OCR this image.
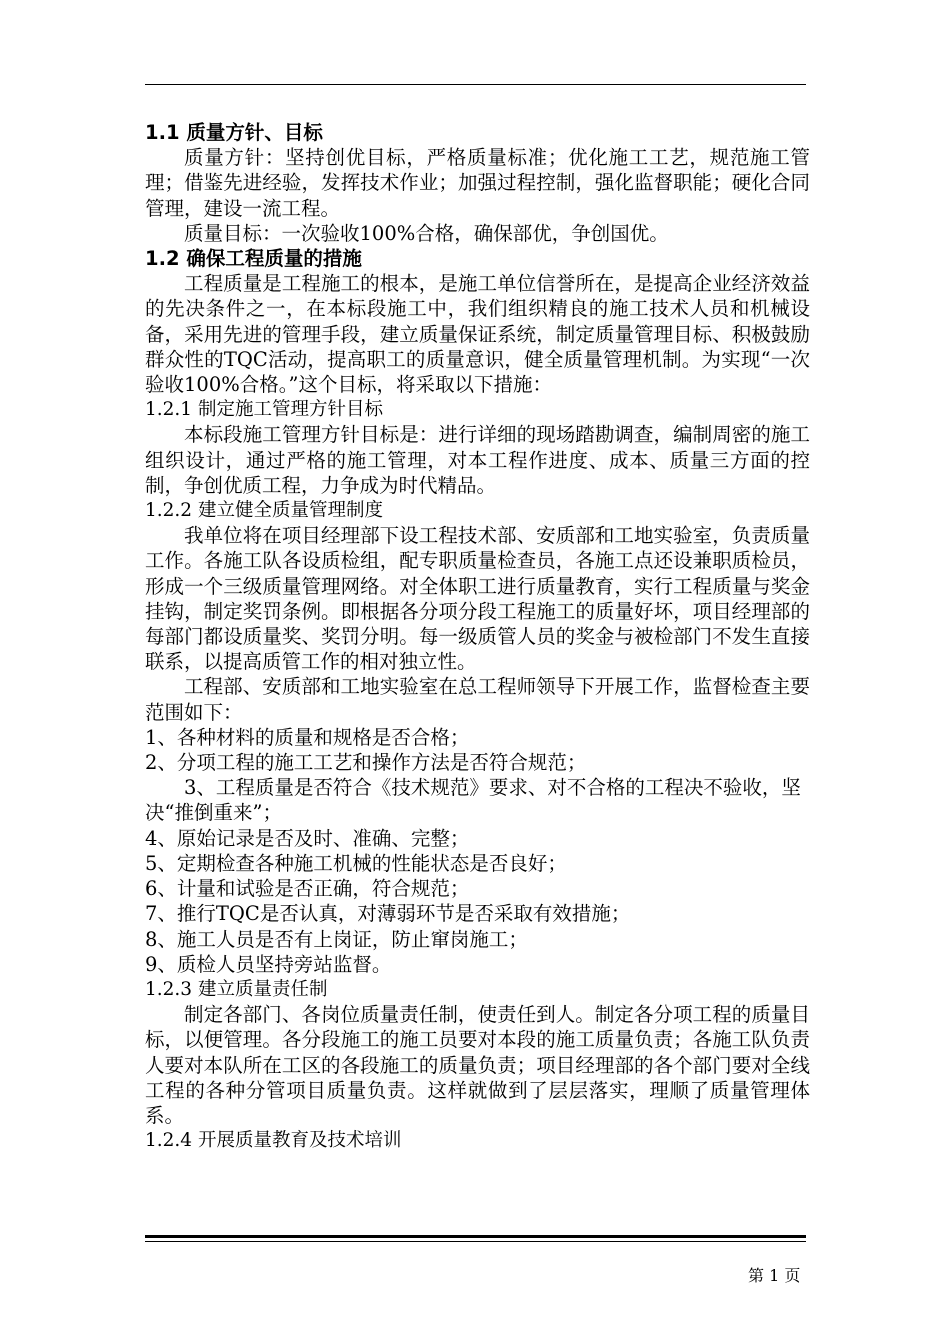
1.1 质量方针、目标

质量方针：坚持创优目标，严格质量标准；优化施工工艺，规范施工管理；借鉴先进经验，发挥技术作业；加强过程控制，强化监督职能；硬化合同管理，建设一流工程。

质量目标：一次验收100%合格，确保部优，争创国优。

1.2 确保工程质量的措施

工程质量是工程施工的根本，是施工单位信誉所在，是提高企业经济效益的先决条件之一，在本标段施工中，我们组织精良的施工技术人员和机械设备，采用先进的管理手段，建立质量保证系统，制定质量管理目标、积极鼓励群众性的TQC活动，提高职工的质量意识，健全质量管理机制。为实现“一次验收100%合格。”这个目标，将采取以下措施：

1.2.1 制定施工管理方针目标

本标段施工管理方针目标是：进行详细的现场踏勘调查，编制周密的施工组织设计，通过严格的施工管理，对本工程作进度、成本、质量三方面的控制，争创优质工程，力争成为时代精品。

1.2.2 建立健全质量管理制度

我单位将在项目经理部下设工程技术部、安质部和工地实验室，负责质量工作。各施工队各设质检组，配专职质量检查员，各施工点还设兼职质检员，形成一个三级质量管理网络。对全体职工进行质量教育，实行工程质量与奖金挂钩，制定奖罚条例。即根据各分项分段工程施工的质量好坏，项目经理部的每部门都设质量奖、奖罚分明。每一级质管人员的奖金与被检部门不发生直接联系，以提高质管工作的相对独立性。

工程部、安质部和工地实验室在总工程师领导下开展工作，监督检查主要范围如下：

1、各种材料的质量和规格是否合格；

2、分项工程的施工工艺和操作方法是否符合规范；

3、工程质量是否符合《技术规范》要求、对不合格的工程决不验收，坚决“推倒重来”；

4、原始记录是否及时、准确、完整；

5、定期检查各种施工机械的性能状态是否良好；

6、计量和试验是否正确，符合规范；

7、推行TQC是否认真，对薄弱环节是否采取有效措施；

8、施工人员是否有上岗证，防止窜岗施工；

9、质检人员坚持旁站监督。

1.2.3 建立质量责任制

制定各部门、各岗位质量责任制，使责任到人。制定各分项工程的质量目标，以便管理。各分段施工的施工员要对本段的施工质量负责；各施工队负责人要对本队所在工区的各段施工的质量负责；项目经理部的各个部门要对全线工程的各种分管项目质量负责。这样就做到了层层落实，理顺了质量管理体系。

1.2.4 开展质量教育及技术培训

第 1 页
